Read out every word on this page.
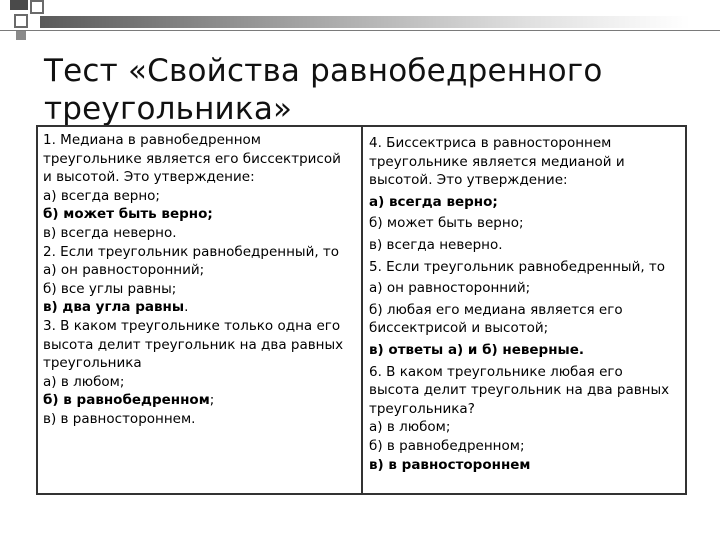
Тест «Свойства равнобедренного
треугольника»
1. Медиана в равнобедренном
треугольнике является его биссектрисой
и высотой. Это утверждение:
а) всегда верно;
б) может быть верно;
в) всегда неверно.
2. Если треугольник равнобедренный, то
а) он равносторонний;
б) все углы равны;
в) два угла равны.
3. В каком треугольнике только одна его
высота делит треугольник на два равных
треугольника
а) в любом;
б) в равнобедренном;
в) в равностороннем.
4. Биссектриса в равностороннем
треугольнике является медианой и
высотой. Это утверждение:
а) всегда верно;
б) может быть верно;
в) всегда неверно.
5. Если треугольник равнобедренный, то
а) он равносторонний;
б) любая его медиана является его
биссектрисой и высотой;
в) ответы а) и б) неверные.
6. В каком треугольнике любая его
высота делит треугольник на два равных
треугольника?
а) в любом;
б) в равнобедренном;
в) в равностороннем
